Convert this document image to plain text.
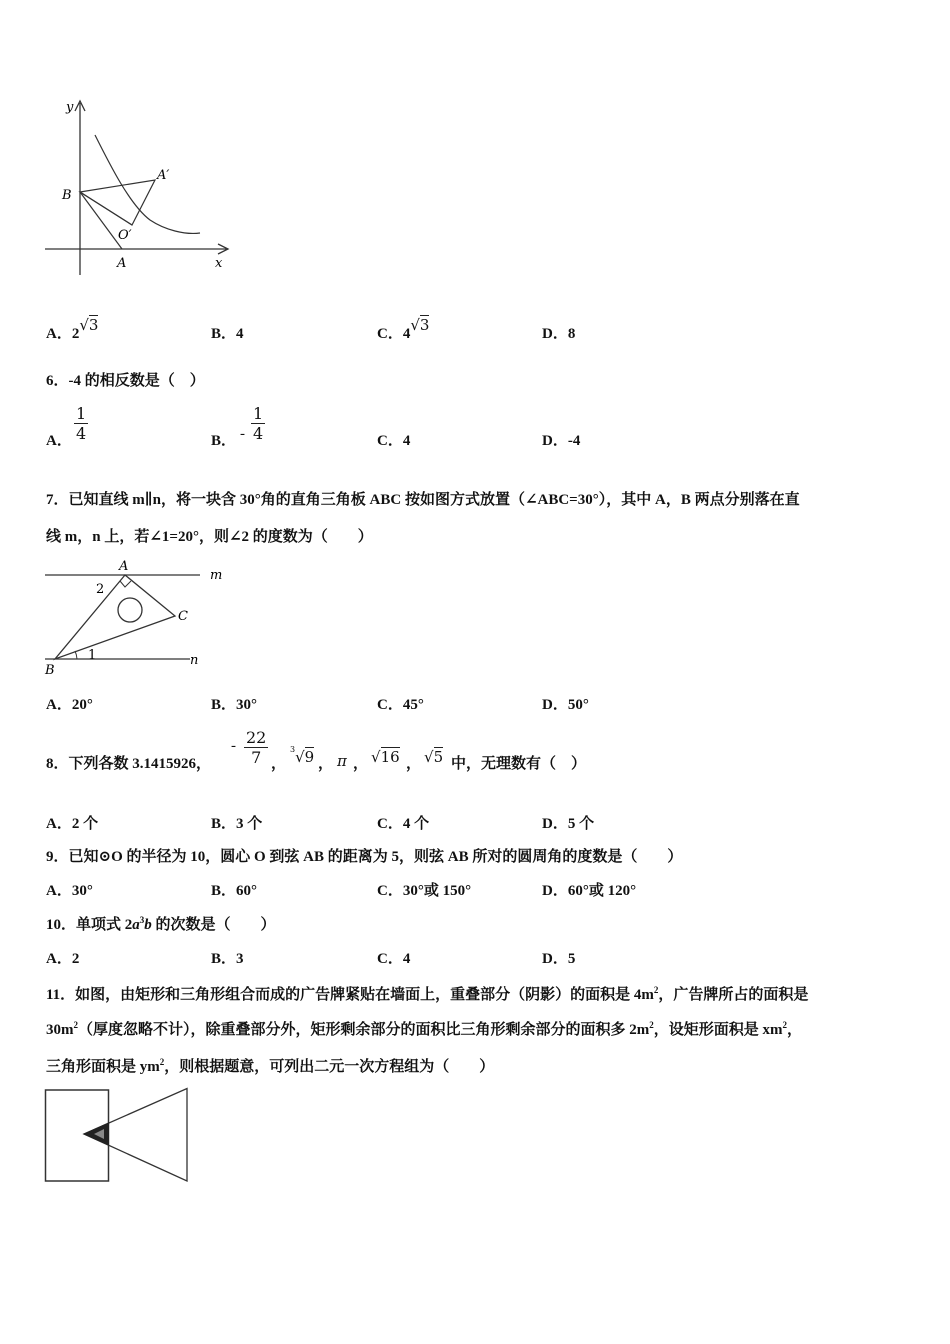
y
x
B
A
A′
O′
A．2√3	B．4	C．4√3	D．8
6．-4 的相反数是（　）
A． $\frac{1}{4}$	B． - $\frac{1}{4}$	C．4	D．-4
7．已知直线 m∥n，将一块含 30°角的直角三角板 ABC 按如图方式放置（∠ABC=30°），其中 A，B 两点分别落在直
线 m，n 上，若∠1=20°，则∠2 的度数为（　　）
A
B
C
m
n
1
2
A．20°	B．30°	C．45°	D．50°
8．下列各数 3.1415926，
- $\frac{22}{7}$ ，
$^3$√9 ， π ， √16 ， √5 中，无理数有（　）
A．2 个	B．3 个	C．4 个	D．5 个
9．已知⊙O 的半径为 10，圆心 O 到弦 AB 的距离为 5，则弦 AB 所对的圆周角的度数是（　　）
A．30°	B．60°	C．30°或 150°	D．60°或 120°
10．单项式 $2a^3b$ 的次数是（　　）
A．2	B．3	C．4	D．5
11．如图，由矩形和三角形组合而成的广告牌紧贴在墙面上，重叠部分（阴影）的面积是 $4m^2$，广告牌所占的面积是
$30m^2$（厚度忽略不计），除重叠部分外，矩形剩余部分的面积比三角形剩余部分的面积多 $2m^2$，设矩形面积是 $xm^2$，
三角形面积是 $ym^2$，则根据题意，可列出二元一次方程组为（　　）
